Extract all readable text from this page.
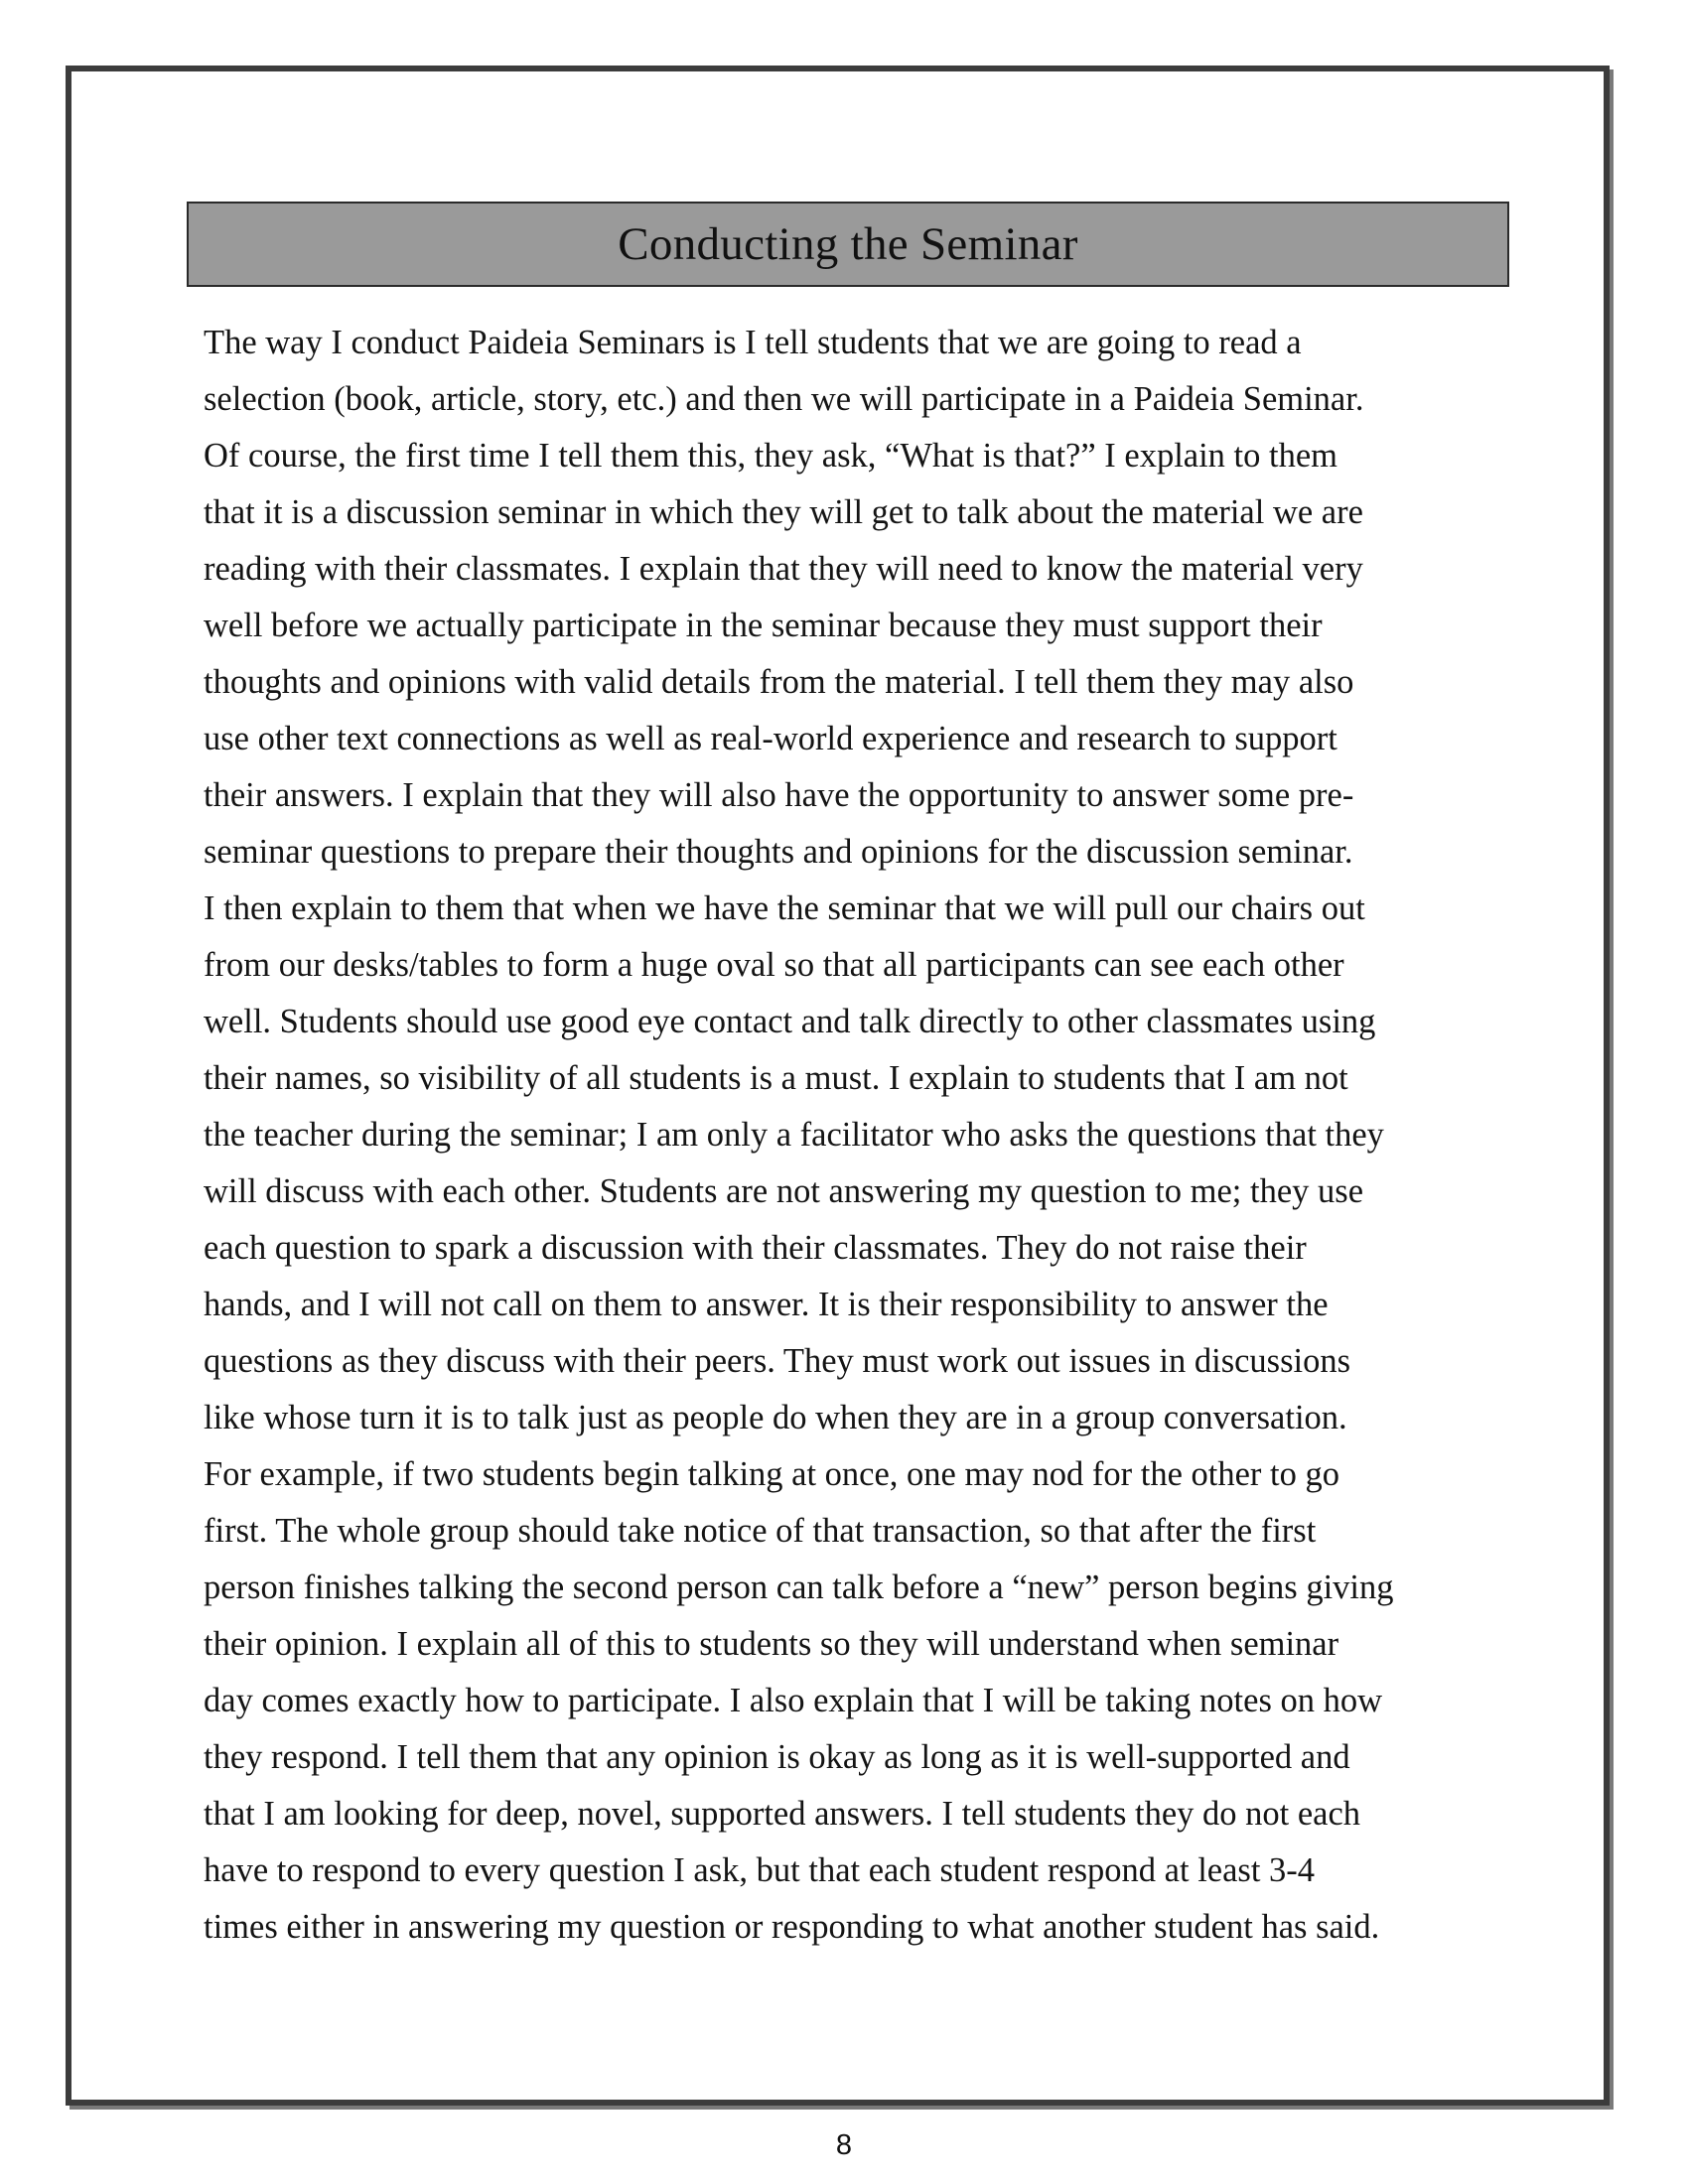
Conducting the Seminar
The way I conduct Paideia Seminars is I tell students that we are going to read a
selection (book, article, story, etc.) and then we will participate in a Paideia Seminar.
Of course, the first time I tell them this, they ask, “What is that?” I explain to them
that it is a discussion seminar in which they will get to talk about the material we are
reading with their classmates. I explain that they will need to know the material very
well before we actually participate in the seminar because they must support their
thoughts and opinions with valid details from the material. I tell them they may also
use other text connections as well as real-world experience and research to support
their answers. I explain that they will also have the opportunity to answer some pre-
seminar questions to prepare their thoughts and opinions for the discussion seminar.
I then explain to them that when we have the seminar that we will pull our chairs out
from our desks/tables to form a huge oval so that all participants can see each other
well. Students should use good eye contact and talk directly to other classmates using
their names, so visibility of all students is a must. I explain to students that I am not
the teacher during the seminar; I am only a facilitator who asks the questions that they
will discuss with each other. Students are not answering my question to me; they use
each question to spark a discussion with their classmates. They do not raise their
hands, and I will not call on them to answer. It is their responsibility to answer the
questions as they discuss with their peers. They must work out issues in discussions
like whose turn it is to talk just as people do when they are in a group conversation.
For example, if two students begin talking at once, one may nod for the other to go
first. The whole group should take notice of that transaction, so that after the first
person finishes talking the second person can talk before a “new” person begins giving
their opinion. I explain all of this to students so they will understand when seminar
day comes exactly how to participate. I also explain that I will be taking notes on how
they respond. I tell them that any opinion is okay as long as it is well-supported and
that I am looking for deep, novel, supported answers. I tell students they do not each
have to respond to every question I ask, but that each student respond at least 3-4
times either in answering my question or responding to what another student has said.
8
